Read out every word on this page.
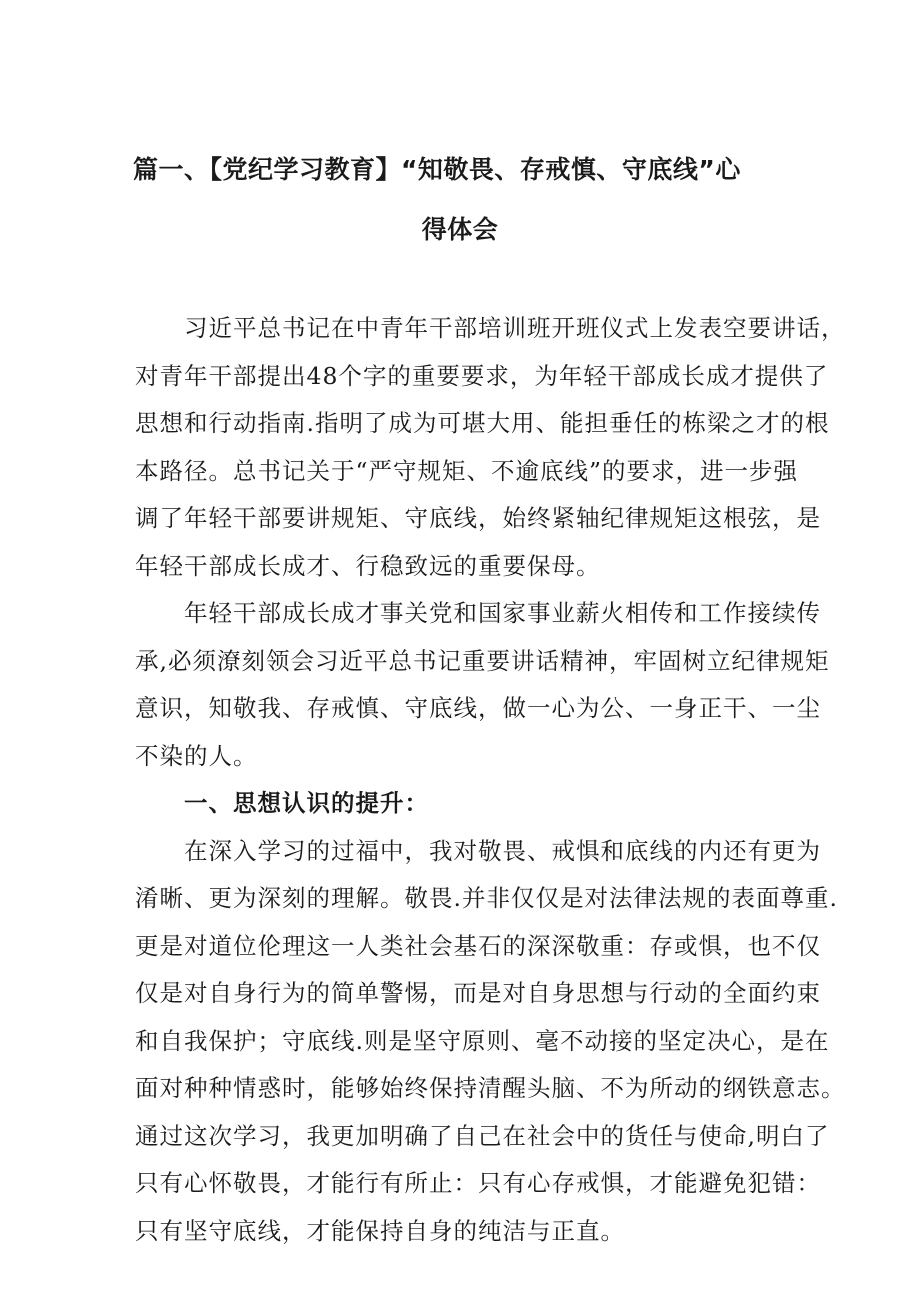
篇一、【党纪学习教育】“知敬畏、存戒慎、守底线”心
得体会
习近平总书记在中青年干部培训班开班仪式上发表空要讲话，
对青年干部提出48个字的重要要求，为年轻干部成长成才提供了
思想和行动指南.指明了成为可堪大用、能担垂任的栋梁之才的根
本路径。总书记关于“严守规矩、不逾底线”的要求，进一步强
调了年轻干部要讲规矩、守底线，始终紧轴纪律规矩这根弦，是
年轻干部成长成才、行稳致远的重要保母。
年轻干部成长成才事关党和国家事业薪火相传和工作接续传
承,必须潦刻领会习近平总书记重要讲话精神，牢固树立纪律规矩
意识，知敬我、存戒慎、守底线，做一心为公、一身正干、一尘
不染的人。
一、思想认识的提升：
在深入学习的过福中，我对敬畏、戒惧和底线的内还有更为
淆晰、更为深刻的理解。敬畏.并非仅仅是对法律法规的表面尊重.
更是对道位伦理这一人类社会基石的深深敬重：存或惧，也不仅
仅是对自身行为的简单警惕，而是对自身思想与行动的全面约束
和自我保护；守底线.则是坚守原则、毫不动接的坚定决心，是在
面对种种情惑时，能够始终保持清醒头脑、不为所动的纲铁意志。
通过这次学习，我更加明确了自己在社会中的货任与使命,明白了
只有心怀敬畏，才能行有所止：只有心存戒惧，才能避免犯错：
只有坚守底线，才能保持自身的纯洁与正直。
